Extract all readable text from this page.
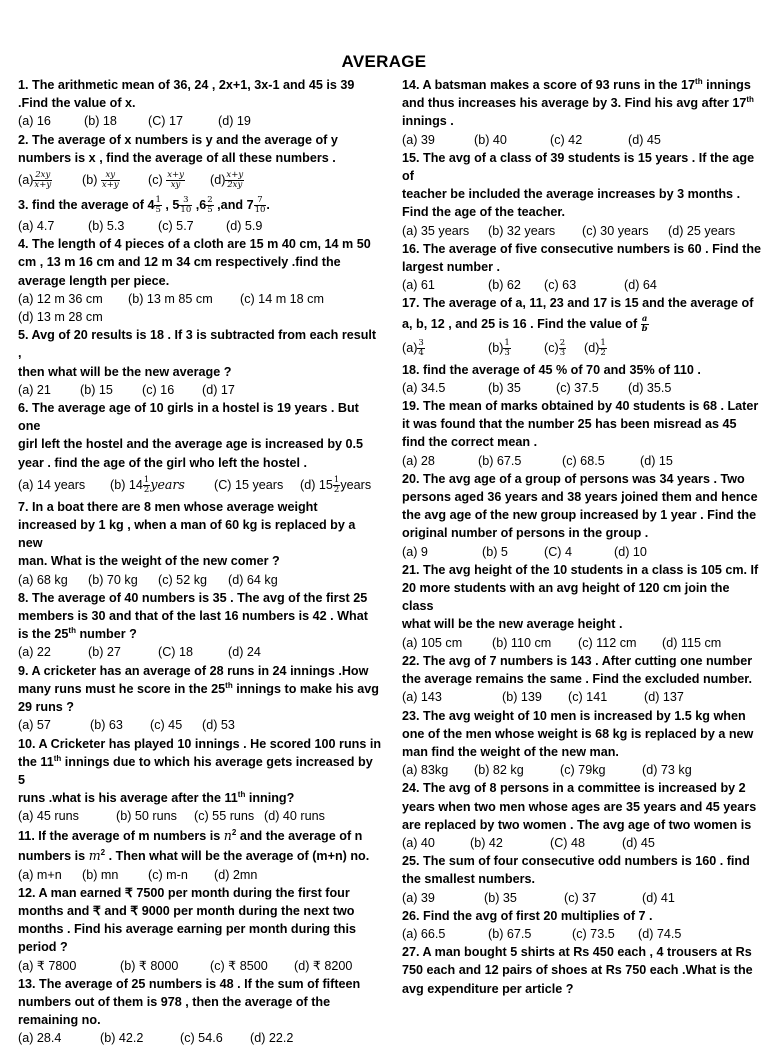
AVERAGE
1. The arithmetic mean of 36, 24 , 2x+1, 3x-1 and 45 is 39
.Find the value of x.
(a) 16	(b) 18	(C) 17	(d) 19
2. The average of x numbers is y and the average of y
numbers is x , find the average of all these numbers .
$(a) \frac{2xy}{x+y} (b) \frac{xy}{x+y} (c) \frac{x+y}{xy} (d) \frac{x+y}{2xy}$
3. find the average of $4 \frac{1}{5}$ , $5 \frac{3}{10} ,6 \frac{2}{5} ,and$ $7 \frac{7}{10}$ .
(a) 4.7	(b) 5.3	(c) 5.7	(d) 5.9
4. The length of 4 pieces of a cloth are 15 m 40 cm, 14 m 50
cm , 13 m 16 cm and 12 m 34 cm respectively .find the
average length per piece.
(a) 12 m 36 cm	(b) 13 m 85 cm	(c) 14 m 18 cm
(d) 13 m 28 cm
5. Avg of 20 results is 18 . If 3 is subtracted from each result ,
then what will be the new average ?
(a) 21	(b) 15	(c) 16	(d) 17
6. The average age of 10 girls in a hostel is 19 years . But one
girl left the hostel and the average age is increased by 0.5
year . find the age of the girl who left the hostel .
(a) 14 years	(b) $14 \frac{1}{2}$ years	(C) 15 years	(d) $15 \frac{1}{2}$ years
7. In a boat there are 8 men whose average weight
increased by 1 kg , when a man of 60 kg is replaced by a new
man. What is the weight of the new comer ?
(a) 68 kg	(b) 70 kg	(c) 52 kg	(d) 64 kg
8. The average of 40 numbers is 35 . The avg of the first 25
members is 30 and that of the last 16 numbers is 42 . What
is the 25th number ?
(a) 22	(b) 27	(C) 18	(d) 24
9. A cricketer has an average of 28 runs in 24 innings .How
many runs must he score in the 25th innings to make his avg
29 runs ?
(a) 57	(b) 63	(c) 45	(d) 53
10. A Cricketer has played 10 innings . He scored 100 runs in
the 11th innings due to which his average gets increased by 5
runs .what is his average after the 11th inning?
(a) 45 runs	(b) 50 runs	(c) 55 runs (d) 40 runs
11. If the average of m numbers is $n^2$ and the average of n
numbers is $m^2$ . Then what will be the average of (m+n) no.
(a) m+n	(b) mn	(c) m-n	(d) 2mn
12. A man earned ₹ 7500 per month during the first four
months and ₹ and ₹ 9000 per month during the next two
months . Find his average earning per month during this
period ?
(a) ₹ 7800	(b) ₹ 8000	(c) ₹ 8500	(d) ₹ 8200
13. The average of 25 numbers is 48 . If the sum of fifteen
numbers out of them is 978 , then the average of the
remaining no.
(a) 28.4	(b) 42.2	(c) 54.6	(d) 22.2
14. A batsman makes a score of 93 runs in the 17th innings
and thus increases his average by 3. Find his avg after 17th
innings .
(a) 39	(b) 40	(c) 42	(d) 45
15. The avg of a class of 39 students is 15 years . If the age of
teacher be included the average increases by 3 months .
Find the age of the teacher.
(a) 35 years	(b) 32 years	(c) 30 years	(d) 25 years
16. The average of five consecutive numbers is 60 . Find the
largest number .
(a) 61	(b) 62	(c) 63	(d) 64
17. The average of a, 11, 23 and 17 is 15 and the average of
a, b, 12 , and 25 is 16 . Find the value of $\frac{a}{b}$
$(a) \frac{3}{4}$	$(b) \frac{1}{3}$	$(c) \frac{2}{3} (d) \frac{1}{2}$
18. find the average of 45 % of 70 and 35% of 110 .
(a) 34.5	(b) 35	(c) 37.5	(d) 35.5
19. The mean of marks obtained by 40 students is 68 . Later
it was found that the number 25 has been misread as 45
find the correct mean .
(a) 28	(b) 67.5	(c) 68.5	(d) 15
20. The avg age of a group of persons was 34 years . Two
persons aged 36 years and 38 years joined them and hence
the avg age of the new group increased by 1 year . Find the
original number of persons in the group .
(a) 9	(b) 5	(C) 4	(d) 10
21. The avg height of the 10 students in a class is 105 cm. If
20 more students with an avg height of 120 cm join the class
what will be the new average height .
(a) 105 cm	(b) 110 cm	(c) 112 cm	(d) 115 cm
22. The avg of 7 numbers is 143 . After cutting one number
the average remains the same . Find the excluded number.
(a) 143	(b) 139	(c) 141	(d) 137
23. The avg weight of 10 men is increased by 1.5 kg when
one of the men whose weight is 68 kg is replaced by a new
man find the weight of the new man.
(a) 83kg	(b) 82 kg	(c) 79kg	(d) 73 kg
24. The avg of 8 persons in a committee is increased by 2
years when two men whose ages are 35 years and 45 years
are replaced by two women . The avg age of two women is
(a) 40	(b) 42	(C) 48	(d) 45
25. The sum of four consecutive odd numbers is 160 . find
the smallest numbers.
(a) 39	(b) 35	(c) 37	(d) 41
26. Find the avg of first 20 multiplies of 7 .
(a) 66.5	(b) 67.5	(c) 73.5	(d) 74.5
27. A man bought 5 shirts at Rs 450 each , 4 trousers at Rs
750 each and 12 pairs of shoes at Rs 750 each .What is the
avg expenditure per article ?
